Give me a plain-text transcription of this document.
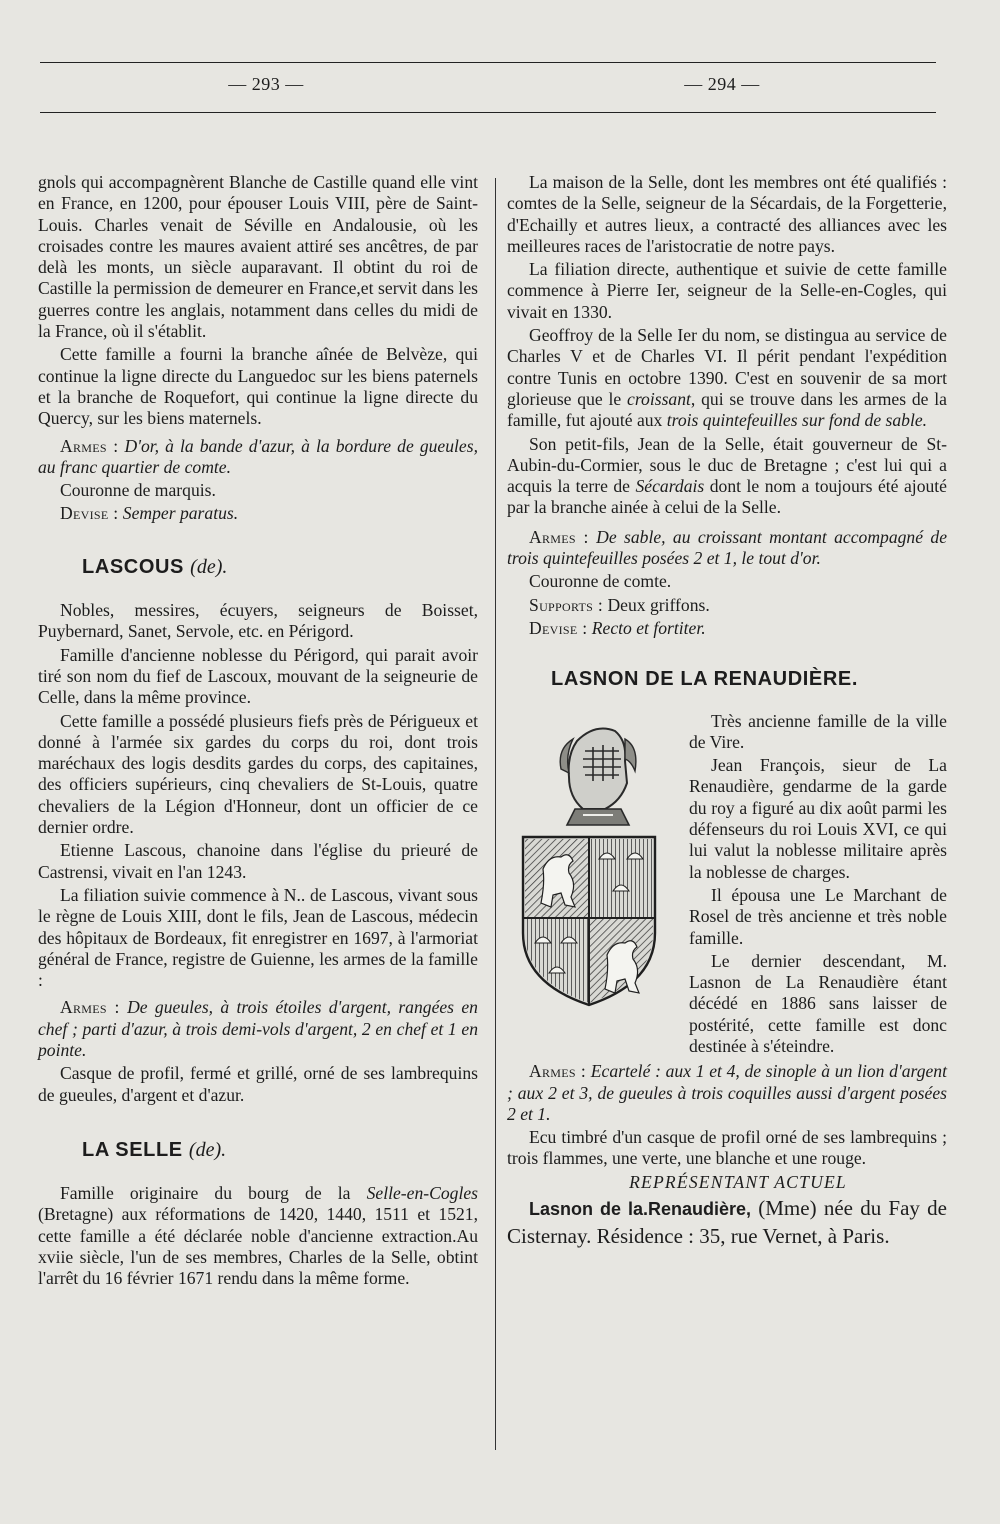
— 293 —	— 294 —

gnols qui accompagnèrent Blanche de Castille quand elle vint en France, en 1200, pour épouser Louis VIII, père de Saint-Louis. Charles venait de Séville en Andalousie, où les croisades contre les maures avaient attiré ses ancêtres, de par delà les monts, un siècle auparavant. Il obtint du roi de Castille la permission de demeurer en France,et servit dans les guerres contre les anglais, notamment dans celles du midi de la France, où il s'établit.

Cette famille a fourni la branche aînée de Belvèze, qui continue la ligne directe du Languedoc sur les biens paternels et la branche de Roquefort, qui continue la ligne directe du Quercy, sur les biens maternels.

Armes : D'or, à la bande d'azur, à la bordure de gueules, au franc quartier de comte.

Couronne de marquis.

Devise : Semper paratus.

LASCOUS (de).

Nobles, messires, écuyers, seigneurs de Boisset, Puybernard, Sanet, Servole, etc. en Périgord.

Famille d'ancienne noblesse du Périgord, qui parait avoir tiré son nom du fief de Lascoux, mouvant de la seigneurie de Celle, dans la même province.

Cette famille a possédé plusieurs fiefs près de Périgueux et donné à l'armée six gardes du corps du roi, dont trois maréchaux des logis desdits gardes du corps, des capitaines, des officiers supérieurs, cinq chevaliers de St-Louis, quatre chevaliers de la Légion d'Honneur, dont un officier de ce dernier ordre.

Etienne Lascous, chanoine dans l'église du prieuré de Castrensi, vivait en l'an 1243.

La filiation suivie commence à N.. de Lascous, vivant sous le règne de Louis XIII, dont le fils, Jean de Lascous, médecin des hôpitaux de Bordeaux, fit enregistrer en 1697, à l'armoriat général de France, registre de Guienne, les armes de la famille :

Armes : De gueules, à trois étoiles d'argent, rangées en chef ; parti d'azur, à trois demi-vols d'argent, 2 en chef et 1 en pointe.

Casque de profil, fermé et grillé, orné de ses lambrequins de gueules, d'argent et d'azur.

LA SELLE (de).

Famille originaire du bourg de la Selle-en-Cogles (Bretagne) aux réformations de 1420, 1440, 1511 et 1521, cette famille a été déclarée noble d'ancienne extraction.Au xviie siècle, l'un de ses membres, Charles de la Selle, obtint l'arrêt du 16 février 1671 rendu dans la même forme.

La maison de la Selle, dont les membres ont été qualifiés : comtes de la Selle, seigneur de la Sécardais, de la Forgetterie, d'Echailly et autres lieux, a contracté des alliances avec les meilleures races de l'aristocratie de notre pays.

La filiation directe, authentique et suivie de cette famille commence à Pierre Ier, seigneur de la Selle-en-Cogles, qui vivait en 1330.

Geoffroy de la Selle Ier du nom, se distingua au service de Charles V et de Charles VI. Il périt pendant l'expédition contre Tunis en octobre 1390. C'est en souvenir de sa mort glorieuse que le croissant, qui se trouve dans les armes de la famille, fut ajouté aux trois quintefeuilles sur fond de sable.

Son petit-fils, Jean de la Selle, était gouverneur de St-Aubin-du-Cormier, sous le duc de Bretagne ; c'est lui qui a acquis la terre de Sécardais dont le nom a toujours été ajouté par la branche ainée à celui de la Selle.

Armes : De sable, au croissant montant accompagné de trois quintefeuilles posées 2 et 1, le tout d'or.

Couronne de comte.

Supports : Deux griffons.

Devise : Recto et fortiter.

LASNON DE LA RENAUDIÈRE.

Très ancienne famille de la ville de Vire.

Jean François, sieur de La Renaudière, gendarme de la garde du roy a figuré au dix août parmi les défenseurs du roi Louis XVI, ce qui lui valut la noblesse militaire après la noblesse de charges.

Il épousa une Le Marchant de Rosel de très ancienne et très noble famille.

Le dernier descendant, M. Lasnon de La Renaudière étant décédé en 1886 sans laisser de postérité, cette famille est donc destinée à s'éteindre.

Armes : Ecartelé : aux 1 et 4, de sinople à un lion d'argent ; aux 2 et 3, de gueules à trois coquilles aussi d'argent posées 2 et 1.

Ecu timbré d'un casque de profil orné de ses lambrequins ; trois flammes, une verte, une blanche et une rouge.

REPRÉSENTANT ACTUEL

Lasnon de la.Renaudière, (Mme) née du Fay de Cisternay. Résidence : 35, rue Vernet, à Paris.
